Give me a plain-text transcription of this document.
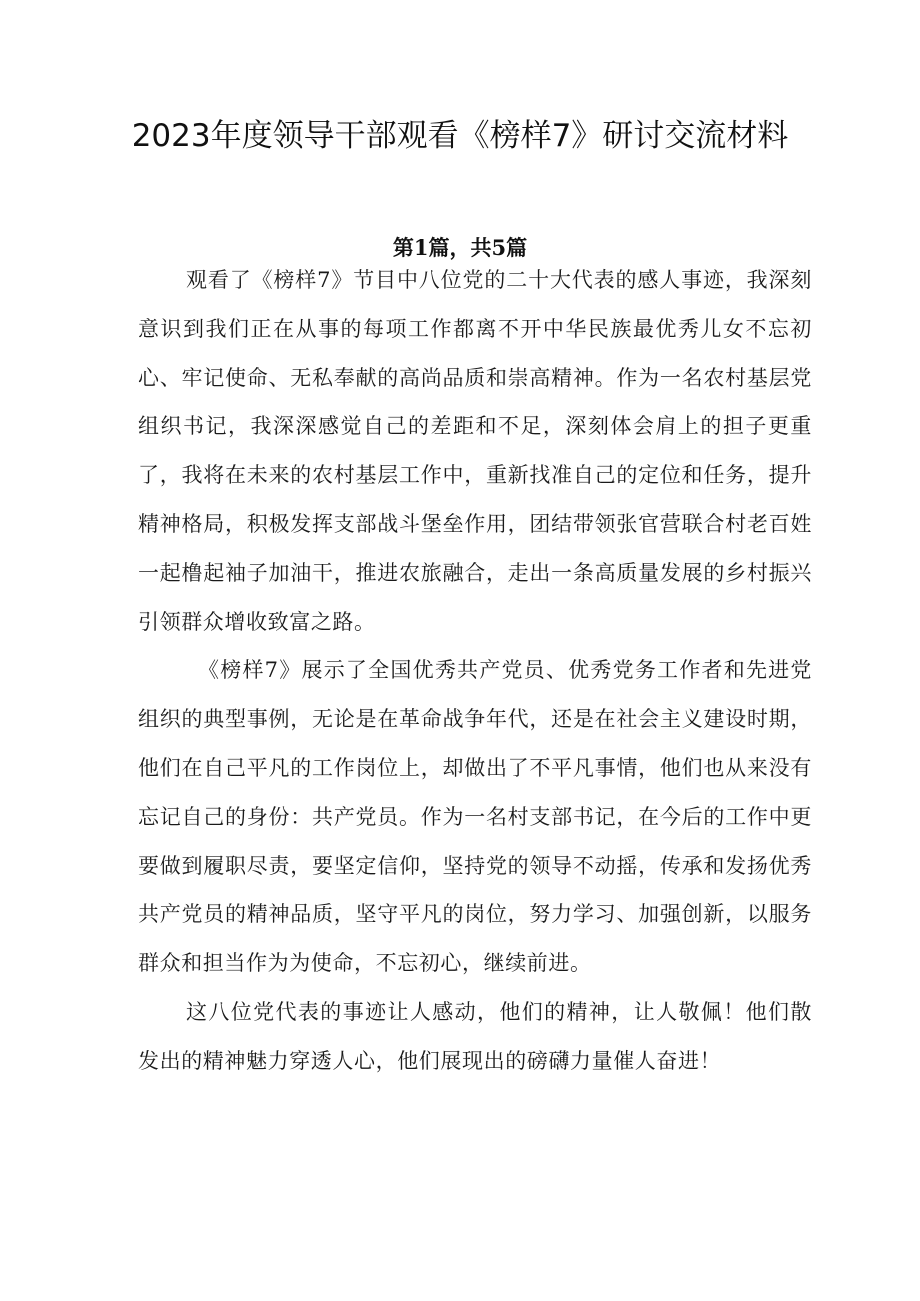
2023年度领导干部观看《榜样7》研讨交流材料
第1篇，共5篇

观看了《榜样7》节目中八位党的二十大代表的感人事迹，我深刻意识到我们正在从事的每项工作都离不开中华民族最优秀儿女不忘初心、牢记使命、无私奉献的高尚品质和崇高精神。作为一名农村基层党组织书记，我深深感觉自己的差距和不足，深刻体会肩上的担子更重了，我将在未来的农村基层工作中，重新找准自己的定位和任务，提升精神格局，积极发挥支部战斗堡垒作用，团结带领张官营联合村老百姓一起橹起袖子加油干，推进农旅融合，走出一条高质量发展的乡村振兴引领群众增收致富之路。

《榜样7》展示了全国优秀共产党员、优秀党务工作者和先进党组织的典型事例，无论是在革命战争年代，还是在社会主义建设时期，他们在自己平凡的工作岗位上，却做出了不平凡事情，他们也从来没有忘记自己的身份：共产党员。作为一名村支部书记，在今后的工作中更要做到履职尽责，要坚定信仰，坚持党的领导不动摇，传承和发扬优秀共产党员的精神品质，坚守平凡的岗位，努力学习、加强创新，以服务群众和担当作为为使命，不忘初心，继续前进。

这八位党代表的事迹让人感动，他们的精神，让人敬佩！他们散发出的精神魅力穿透人心，他们展现出的磅礴力量催人奋进！
